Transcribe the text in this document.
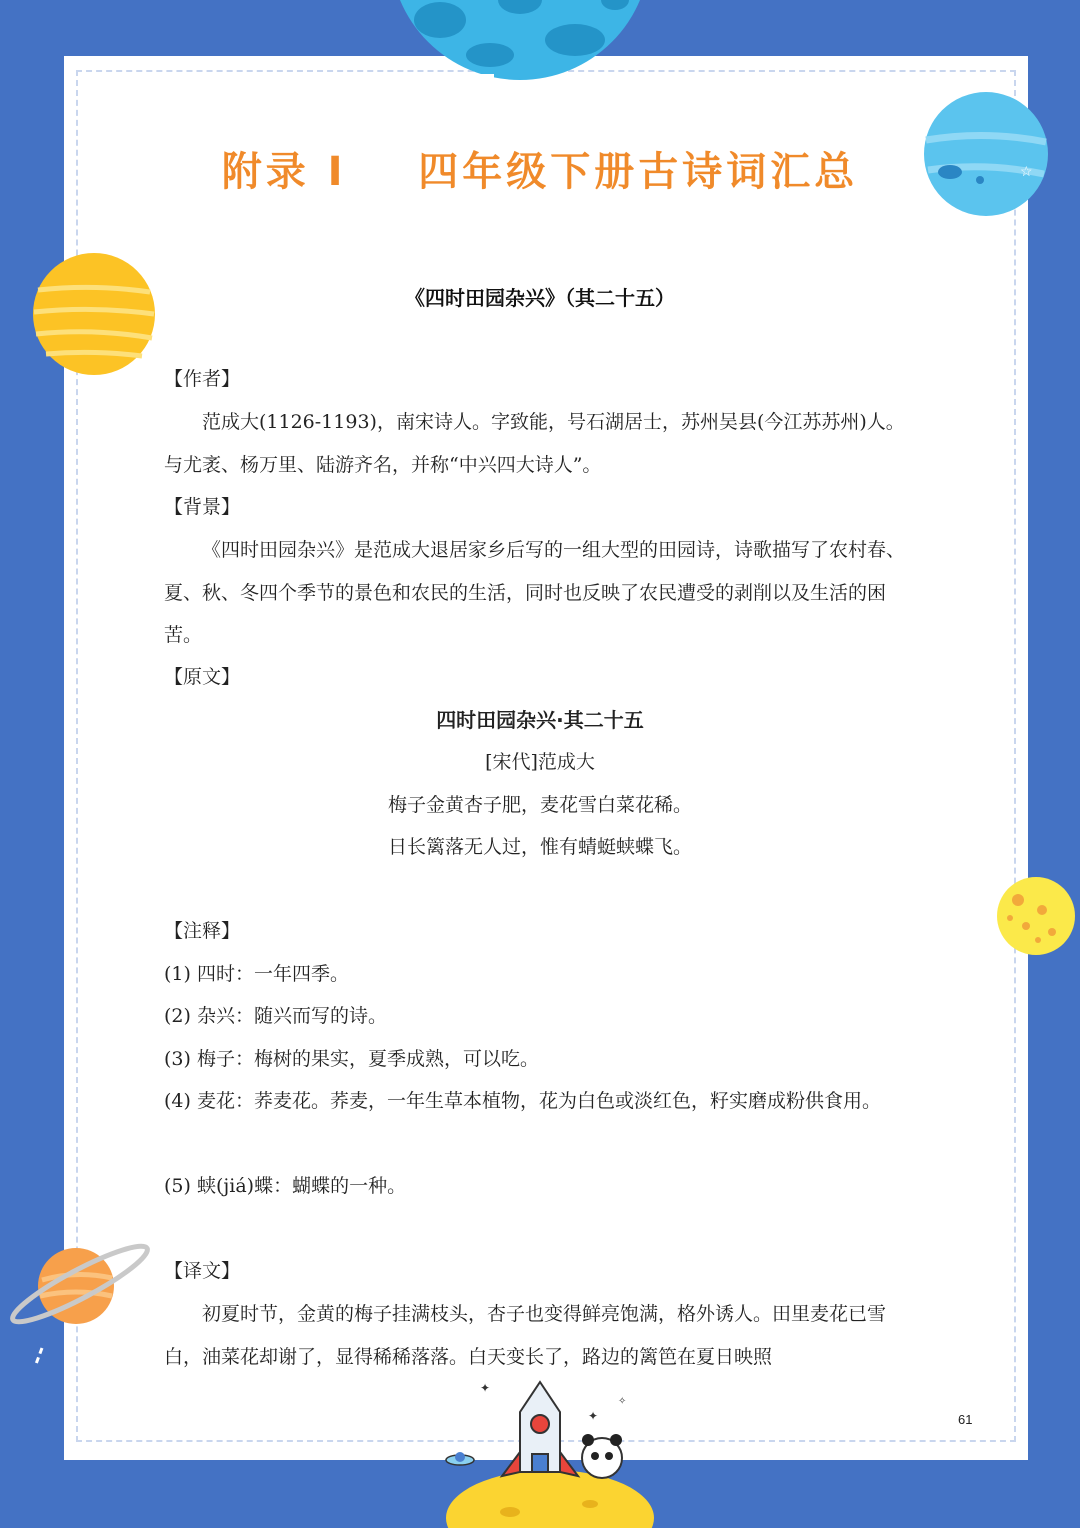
☆
✦
✦
✧
附录 I    四年级下册古诗词汇总
《四时田园杂兴》（其二十五）
【作者】
范成大(1126-1193)，南宋诗人。字致能，号石湖居士，苏州吴县(今江苏苏州)人。与尤袤、杨万里、陆游齐名，并称“中兴四大诗人”。
【背景】
《四时田园杂兴》是范成大退居家乡后写的一组大型的田园诗，诗歌描写了农村春、夏、秋、冬四个季节的景色和农民的生活，同时也反映了农民遭受的剥削以及生活的困苦。
【原文】
四时田园杂兴·其二十五
[宋代]范成大
梅子金黄杏子肥，麦花雪白菜花稀。
日长篱落无人过，惟有蜻蜓蛱蝶飞。
【注释】
(1) 四时：一年四季。
(2) 杂兴：随兴而写的诗。
(3) 梅子：梅树的果实，夏季成熟，可以吃。
(4) 麦花：荞麦花。荞麦，一年生草本植物，花为白色或淡红色，籽实磨成粉供食用。
(5) 蛱(jiá)蝶：蝴蝶的一种。
【译文】
初夏时节，金黄的梅子挂满枝头，杏子也变得鲜亮饱满，格外诱人。田里麦花已雪白，油菜花却谢了，显得稀稀落落。白天变长了，路边的篱笆在夏日映照
61
